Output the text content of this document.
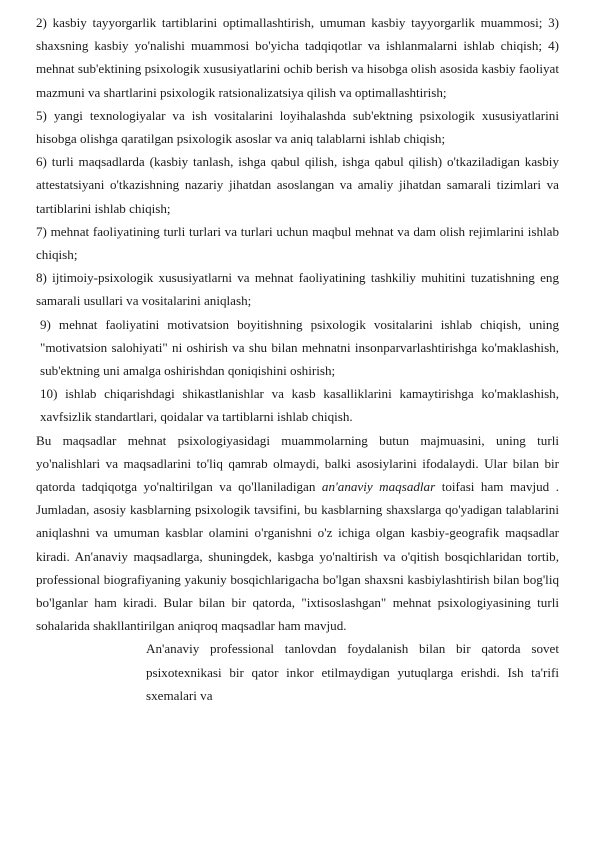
2) kasbiy tayyorgarlik tartiblarini optimallashtirish, umuman kasbiy tayyorgarlik muammosi; 3) shaxsning kasbiy yo'nalishi muammosi bo'yicha tadqiqotlar va ishlanmalarni ishlab chiqish; 4) mehnat sub'ektining psixologik xususiyatlarini ochib berish va hisobga olish asosida kasbiy faoliyat mazmuni va shartlarini psixologik ratsionalizatsiya qilish va optimallashtirish;

5) yangi texnologiyalar va ish vositalarini loyihalashda sub'ektning psixologik xususiyatlarini hisobga olishga qaratilgan psixologik asoslar va aniq talablarni ishlab chiqish;

6) turli maqsadlarda (kasbiy tanlash, ishga qabul qilish, ishga qabul qilish) o'tkaziladigan kasbiy attestatsiyani o'tkazishning nazariy jihatdan asoslangan va amaliy jihatdan samarali tizimlari va tartiblarini ishlab chiqish;

7) mehnat faoliyatining turli turlari va turlari uchun maqbul mehnat va dam olish rejimlarini ishlab chiqish;

8) ijtimoiy-psixologik xususiyatlarni va mehnat faoliyatining tashkiliy muhitini tuzatishning eng samarali usullari va vositalarini aniqlash;

9) mehnat faoliyatini motivatsion boyitishning psixologik vositalarini ishlab chiqish, uning "motivatsion salohiyati" ni oshirish va shu bilan mehnatni insonparvarlashtirishga ko'maklashish, sub'ektning uni amalga oshirishdan qoniqishini oshirish;

10) ishlab chiqarishdagi shikastlanishlar va kasb kasalliklarini kamaytirishga ko'maklashish, xavfsizlik standartlari, qoidalar va tartiblarni ishlab chiqish.

Bu maqsadlar mehnat psixologiyasidagi muammolarning butun majmuasini, uning turli yo'nalishlari va maqsadlarini to'liq qamrab olmaydi, balki asosiylarini ifodalaydi. Ular bilan bir qatorda tadqiqotga yo'naltirilgan va qo'llaniladigan an'anaviy maqsadlar toifasi ham mavjud . Jumladan, asosiy kasblarning psixologik tavsifini, bu kasblarning shaxslarga qo'yadigan talablarini aniqlashni va umuman kasblar olamini o'rganishni o'z ichiga olgan kasbiy-geografik maqsadlar kiradi. An'anaviy maqsadlarga, shuningdek, kasbga yo'naltirish va o'qitish bosqichlaridan tortib, professional biografiyaning yakuniy bosqichlarigacha bo'lgan shaxsni kasbiylashtirish bilan bog'liq bo'lganlar ham kiradi. Bular bilan bir qatorda, "ixtisoslashgan" mehnat psixologiyasining turli sohalarida shakllantirilgan aniqroq maqsadlar ham mavjud.

An'anaviy professional tanlovdan foydalanish bilan bir qatorda sovet psixotexnikasi bir qator inkor etilmaydigan yutuqlarga erishdi. Ish ta'rifi sxemalari va
